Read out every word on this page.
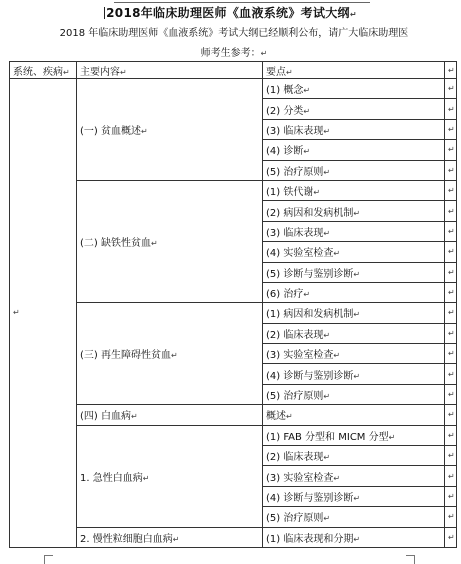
2018年临床助理医师《血液系统》考试大纲↵
2018 年临床助理医师《血液系统》考试大纲已经顺利公布，请广大临床助理医师考生参考：↵
系统、疾病↵	主要内容↵	要点↵	↵
↵	(一) 贫血概述↵	(1) 概念↵	↵
		(2) 分类↵	↵
		(3) 临床表现↵	↵
		(4) 诊断↵	↵
		(5) 治疗原则↵	↵
	(二) 缺铁性贫血↵	(1) 铁代谢↵	↵
		(2) 病因和发病机制↵	↵
		(3) 临床表现↵	↵
		(4) 实验室检查↵	↵
		(5) 诊断与鉴别诊断↵	↵
		(6) 治疗↵	↵
	(三) 再生障碍性贫血↵	(1) 病因和发病机制↵	↵
		(2) 临床表现↵	↵
		(3) 实验室检查↵	↵
		(4) 诊断与鉴别诊断↵	↵
		(5) 治疗原则↵	↵
	(四) 白血病↵	概述↵	↵
	1. 急性白血病↵	(1) FAB 分型和 MICM 分型↵	↵
		(2) 临床表现↵	↵
		(3) 实验室检查↵	↵
		(4) 诊断与鉴别诊断↵	↵
		(5) 治疗原则↵	↵
	2. 慢性粒细胞白血病↵	(1) 临床表现和分期↵	↵
